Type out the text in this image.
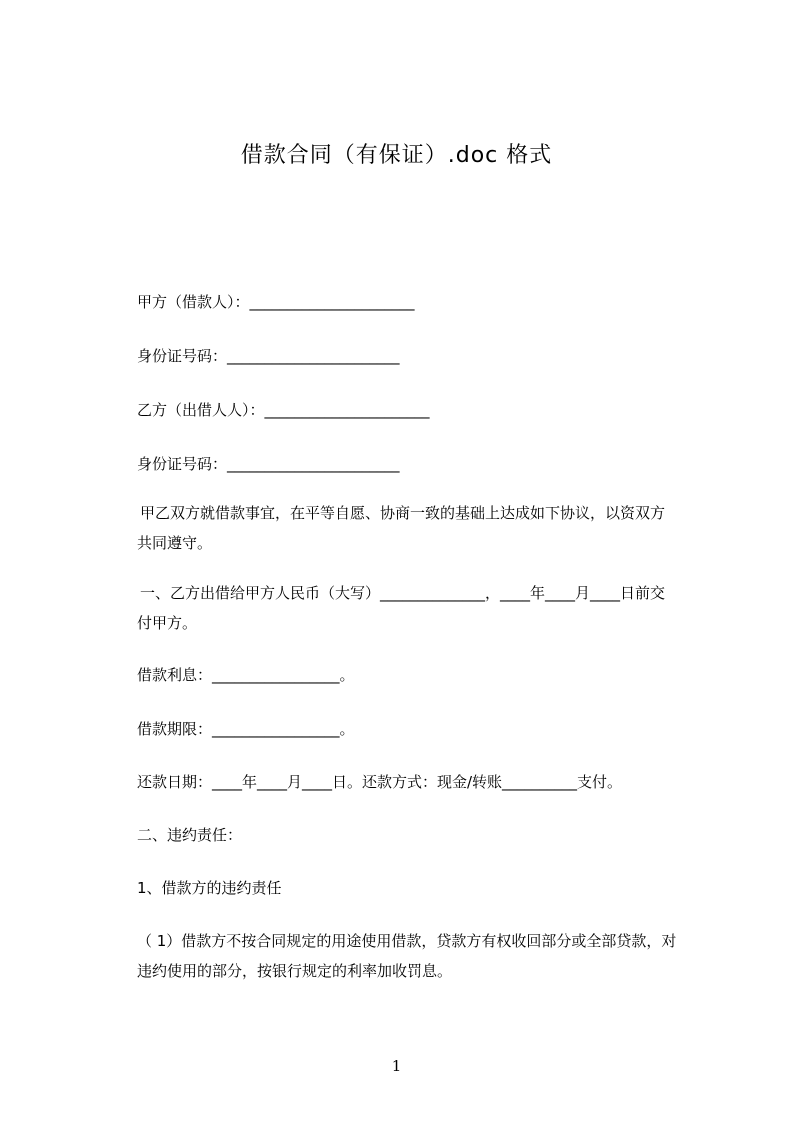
借款合同（有保证）.doc 格式
甲方（借款人）：______________________
身份证号码：_______________________
乙方（出借人人）：______________________
身份证号码：_______________________
甲乙双方就借款事宜，在平等自愿、协商一致的基础上达成如下协议，以资双方
共同遵守。
一、乙方出借给甲方人民币（大写）______________，____年____月____日前交
付甲方。
借款利息：_________________。
借款期限：_________________。
还款日期：____年____月____日。还款方式：现金/转账__________支付。
二、违约责任：
1、借款方的违约责任
（ 1）借款方不按合同规定的用途使用借款，贷款方有权收回部分或全部贷款，对
违约使用的部分，按银行规定的利率加收罚息。
1
